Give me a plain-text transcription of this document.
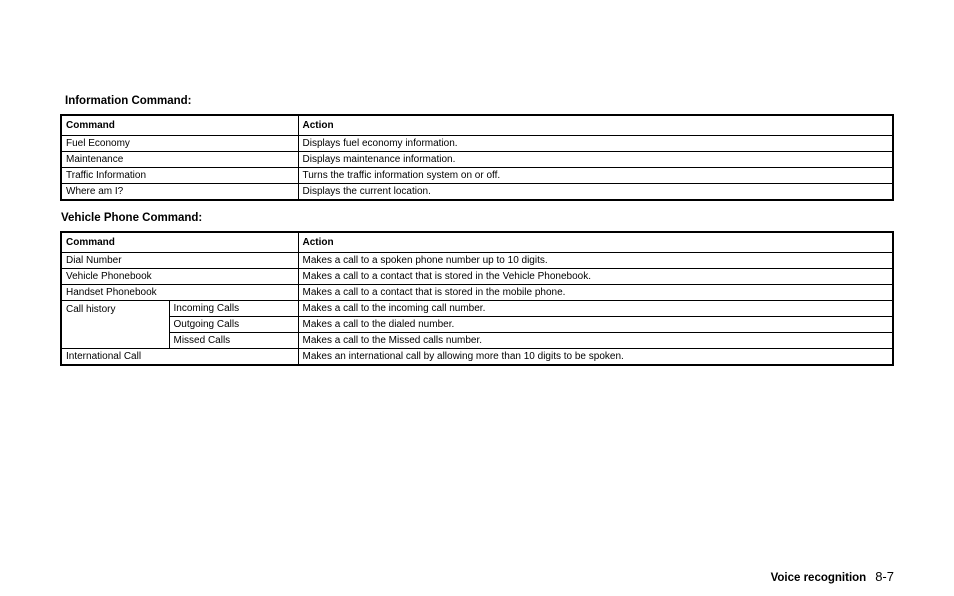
Information Command:
Command	Action
Fuel Economy	Displays fuel economy information.
Maintenance	Displays maintenance information.
Traffic Information	Turns the traffic information system on or off.
Where am I?	Displays the current location.
Vehicle Phone Command:
Command		Action
Dial Number		Makes a call to a spoken phone number up to 10 digits.
Vehicle Phonebook		Makes a call to a contact that is stored in the Vehicle Phonebook.
Handset Phonebook		Makes a call to a contact that is stored in the mobile phone.
Call history	Incoming Calls	Makes a call to the incoming call number.
	Outgoing Calls	Makes a call to the dialed number.
	Missed Calls	Makes a call to the Missed calls number.
International Call		Makes an international call by allowing more than 10 digits to be spoken.
Voice recognition 8-7
